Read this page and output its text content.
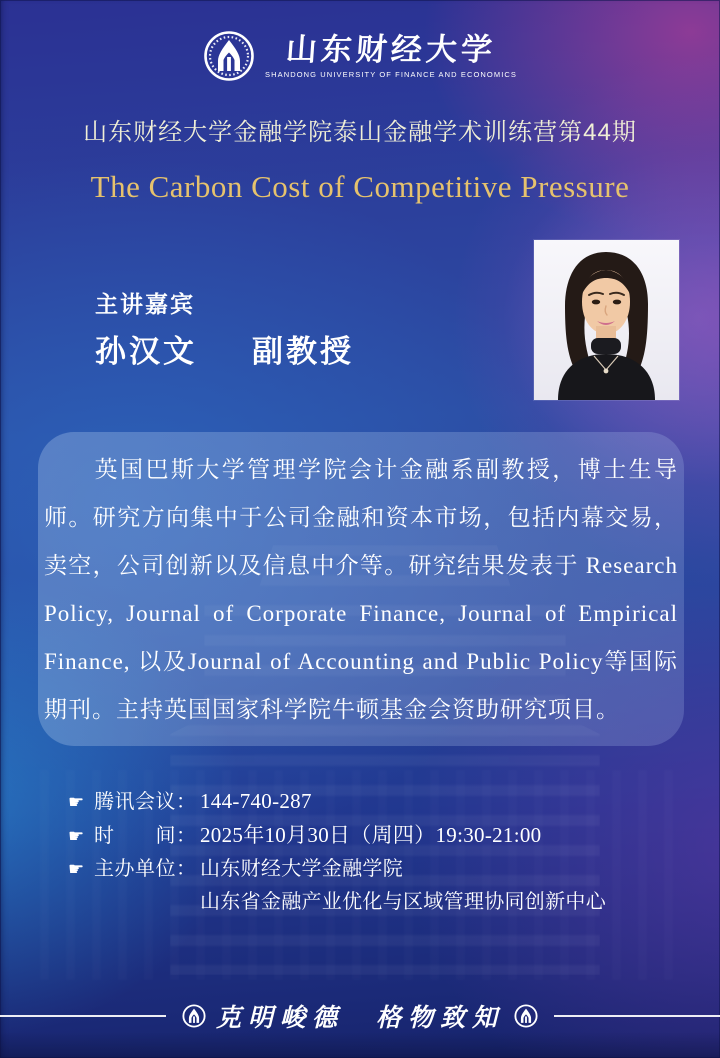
山东财经大学
SHANDONG UNIVERSITY OF FINANCE AND ECONOMICS
山东财经大学金融学院泰山金融学术训练营第44期
The Carbon Cost of Competitive Pressure
主讲嘉宾
孙汉文 副教授

英国巴斯大学管理学院会计金融系副教授，博士生导师。研究方向集中于公司金融和资本市场，包括内幕交易，卖空，公司创新以及信息中介等。研究结果发表于 Research Policy, Journal of Corporate Finance, Journal of Empirical Finance, 以及Journal of Accounting and Public Policy等国际期刊。主持英国国家科学院牛顿基金会资助研究项目。

☛ 腾讯会议： 144-740-287
☛ 时　　间： 2025年10月30日（周四）19:30-21:00
☛ 主办单位： 山东财经大学金融学院
山东省金融产业优化与区域管理协同创新中心
克明峻德　格物致知
